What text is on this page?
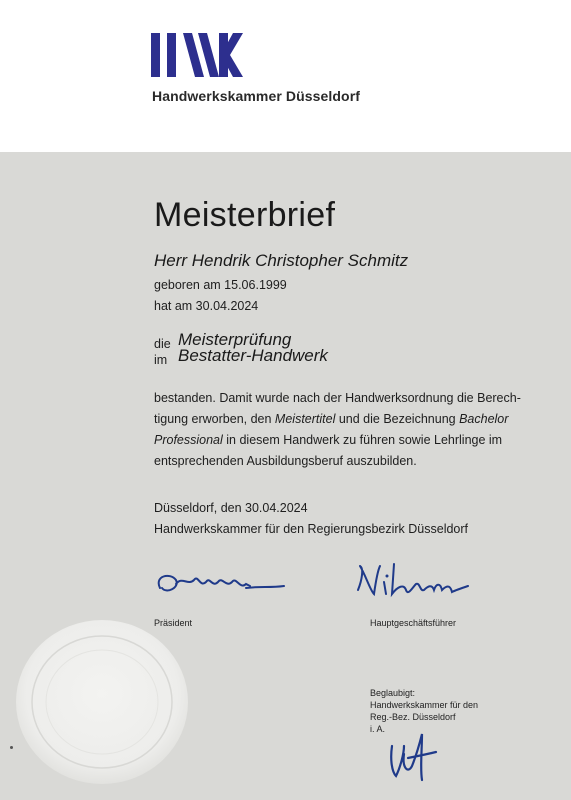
Handwerkskammer Düsseldorf
Meisterbrief
Herr Hendrik Christopher Schmitz
geboren am 15.06.1999
hat am 30.04.2024
die Meisterprüfung
im Bestatter-Handwerk
bestanden. Damit wurde nach der Handwerksordnung die Berech-tigung erworben, den Meistertitel und die Bezeichnung Bachelor Professional in diesem Handwerk zu führen sowie Lehrlinge im entsprechenden Ausbildungsberuf auszubilden.
Düsseldorf, den 30.04.2024
Handwerkskammer für den Regierungsbezirk Düsseldorf
Präsident	Hauptgeschäftsführer
Beglaubigt:
Handwerkskammer für den
Reg.-Bez. Düsseldorf
i. A.
